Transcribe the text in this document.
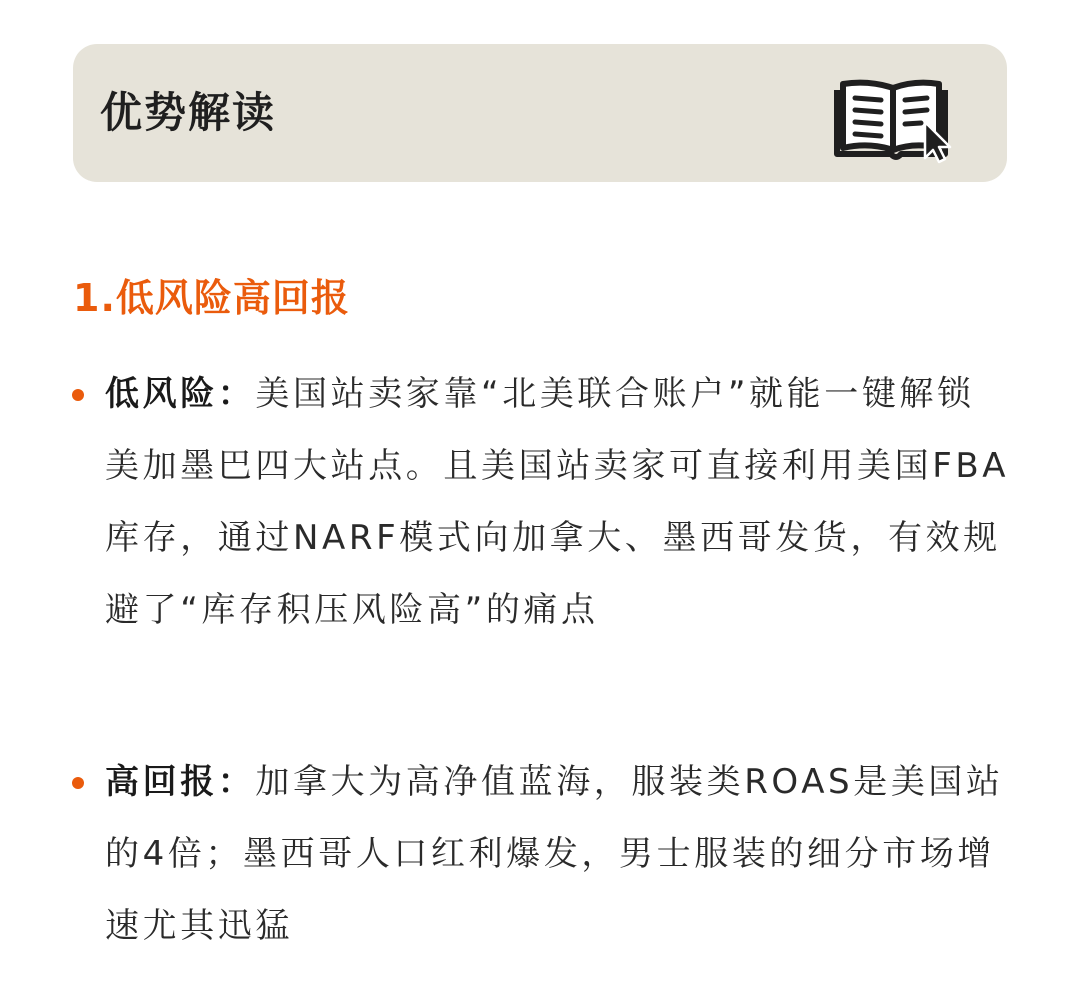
优势解读
1.低风险高回报
低风险：美国站卖家靠“北美联合账户”就能一键解锁美加墨巴四大站点。且美国站卖家可直接利用美国FBA库存，通过NARF模式向加拿大、墨西哥发货，有效规避了“库存积压风险高”的痛点
高回报：加拿大为高净值蓝海，服装类ROAS是美国站的4倍；墨西哥人口红利爆发，男士服装的细分市场增速尤其迅猛
